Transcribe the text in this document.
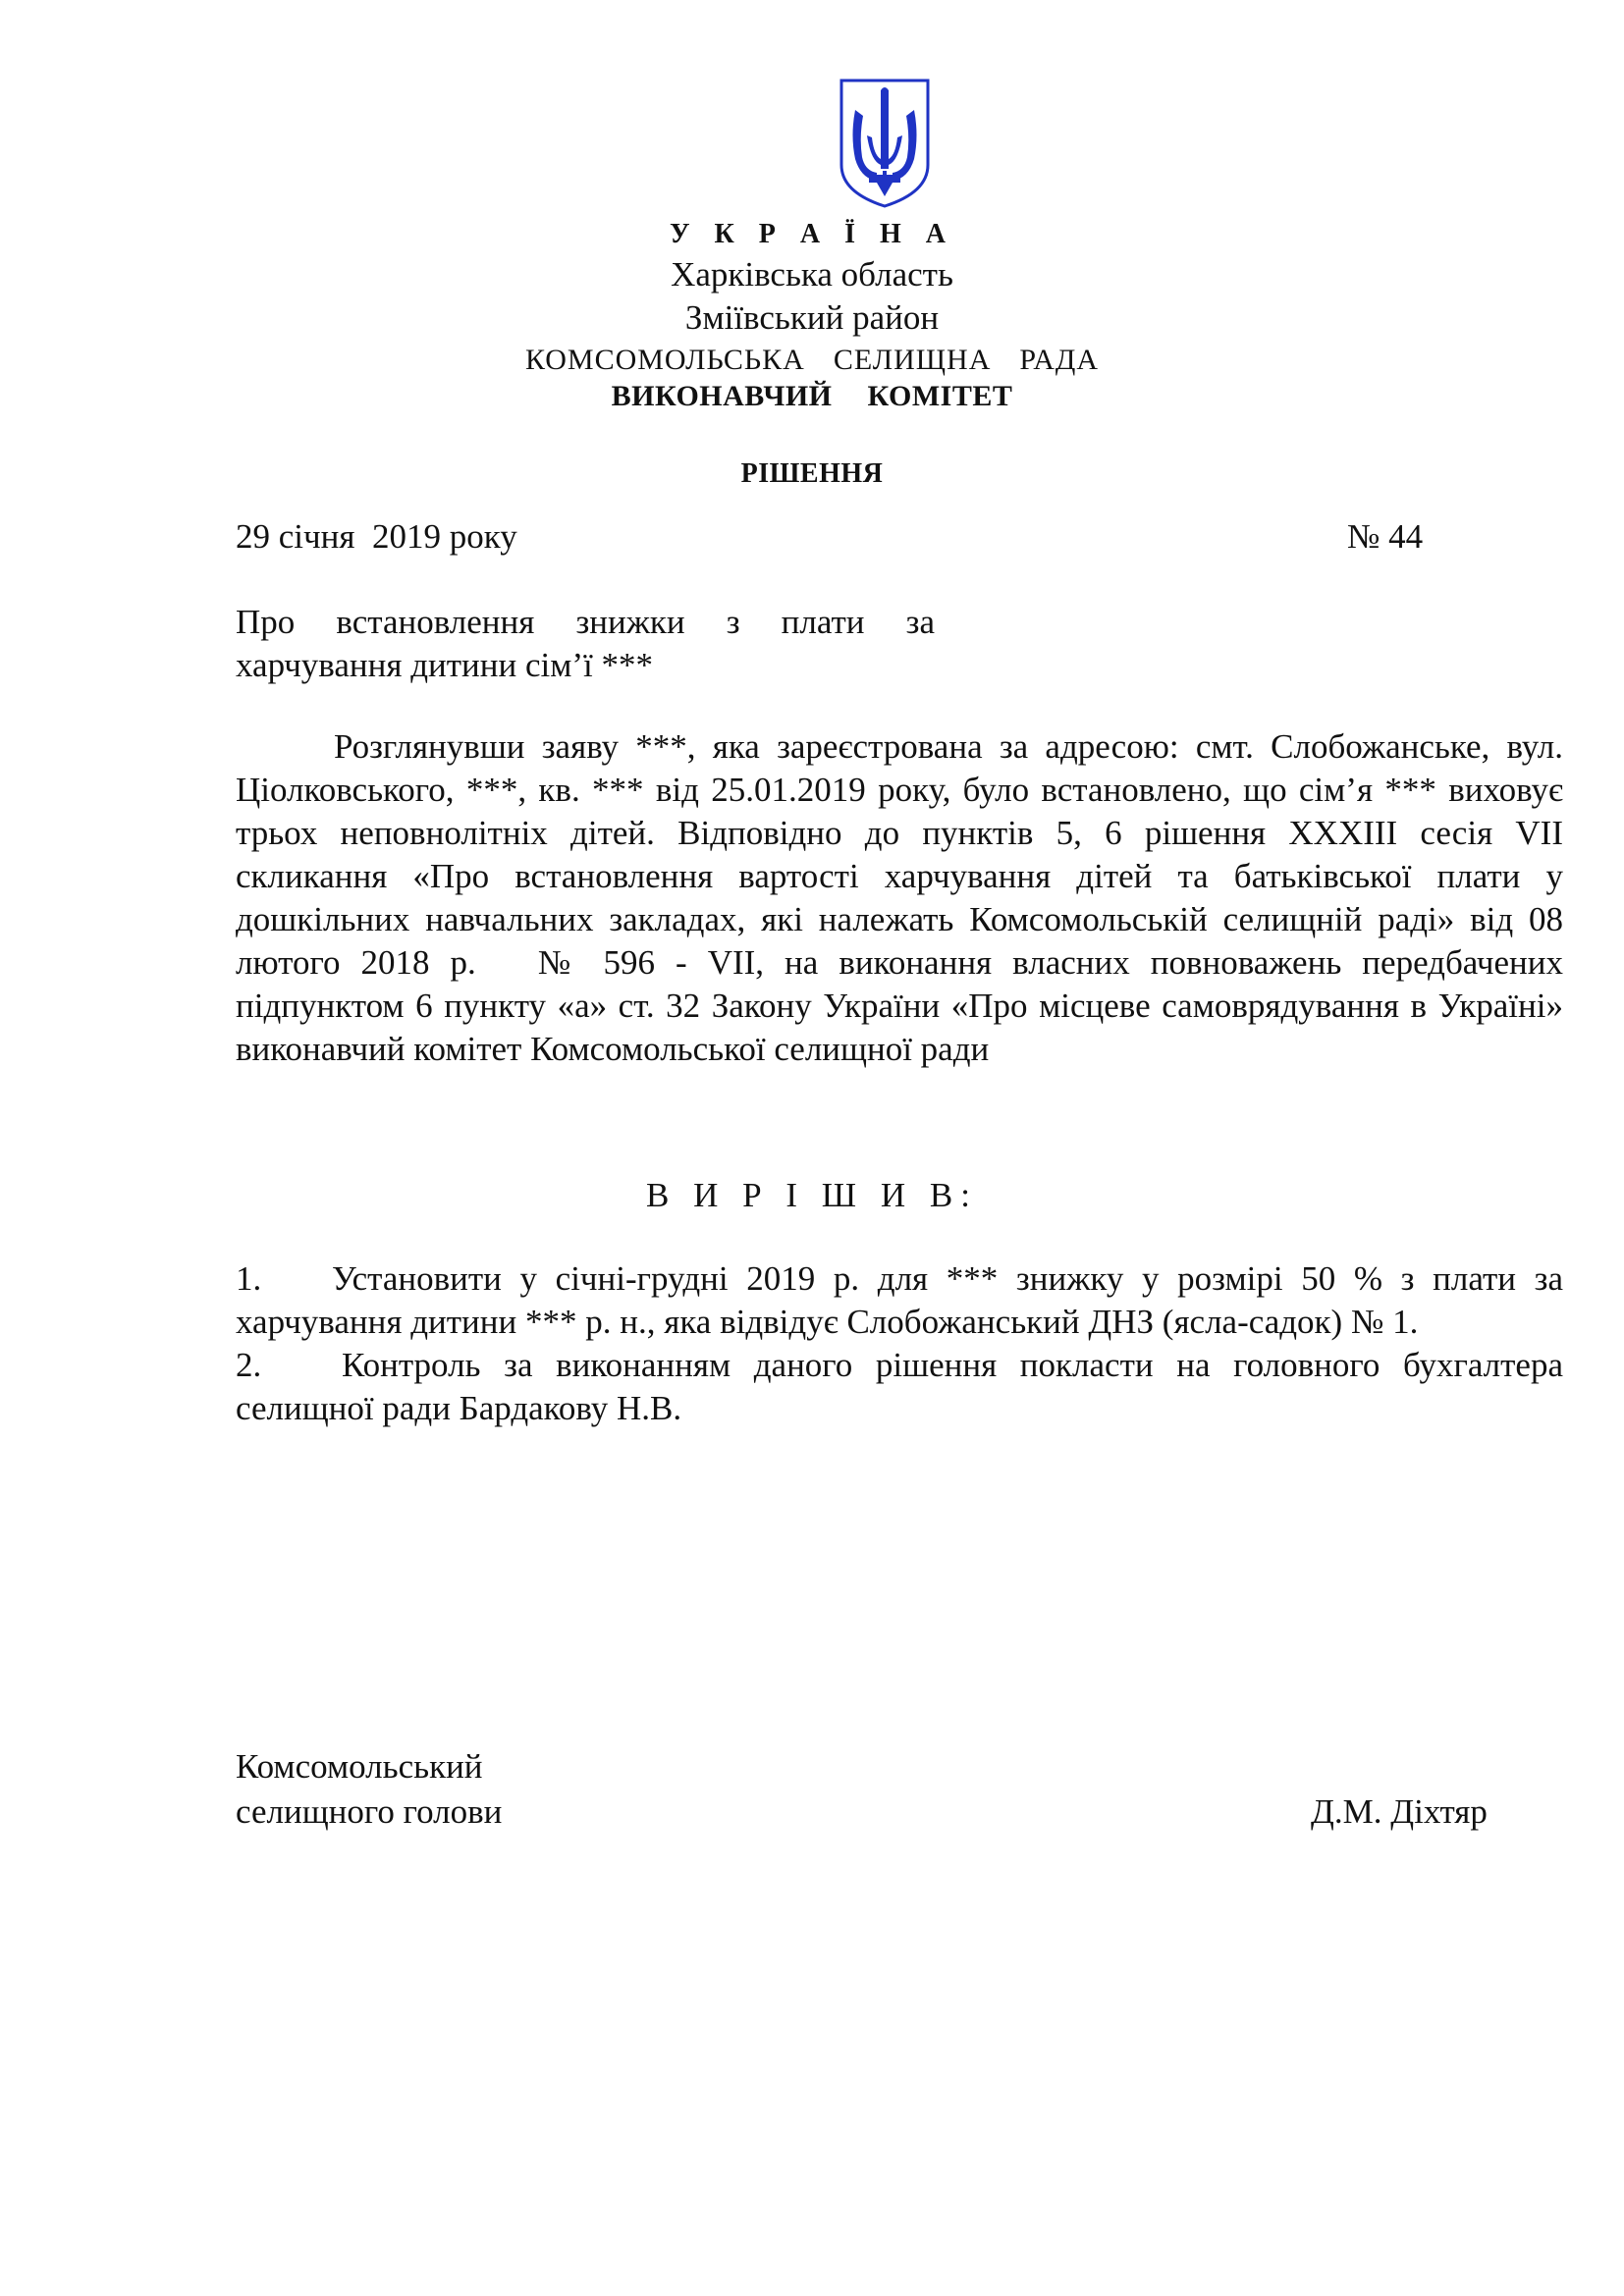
У К Р А Ї Н А
Харківська область
Зміївський район
КОМСОМОЛЬСЬКА  СЕЛИЩНА  РАДА
ВИКОНАВЧИЙ  КОМІТЕТ
РІШЕННЯ
29 січня  2019 року	№ 44

Про встановлення знижки з плати за харчування дитини сім’ї ***

Розглянувши заяву ***, яка зареєстрована за адресою: смт. Слобожанське, вул. Ціолковського, ***, кв. *** від 25.01.2019 року, було встановлено, що сім’я *** виховує трьох неповнолітніх дітей. Відповідно до пунктів 5, 6 рішення XXXIII сесія VII скликання «Про встановлення вартості харчування дітей та батьківської плати у дошкільних навчальних закладах, які належать Комсомольській селищній раді» від 08 лютого 2018 р.   № 596 - VII, на виконання власних повноважень передбачених підпунктом 6 пункту «а» ст. 32 Закону України «Про місцеве самоврядування в Україні» виконавчий комітет Комсомольської селищної ради

В И Р І Ш И В:

1. Установити у січні-грудні 2019 р. для *** знижку у розмірі 50 % з плати за харчування дитини *** р. н., яка відвідує Слобожанський ДНЗ (ясла-садок) № 1.

2. Контроль за виконанням даного рішення покласти на головного бухгалтера селищної ради Бардакову Н.В.

Комсомольський
селищного голови	Д.М. Діхтяр
